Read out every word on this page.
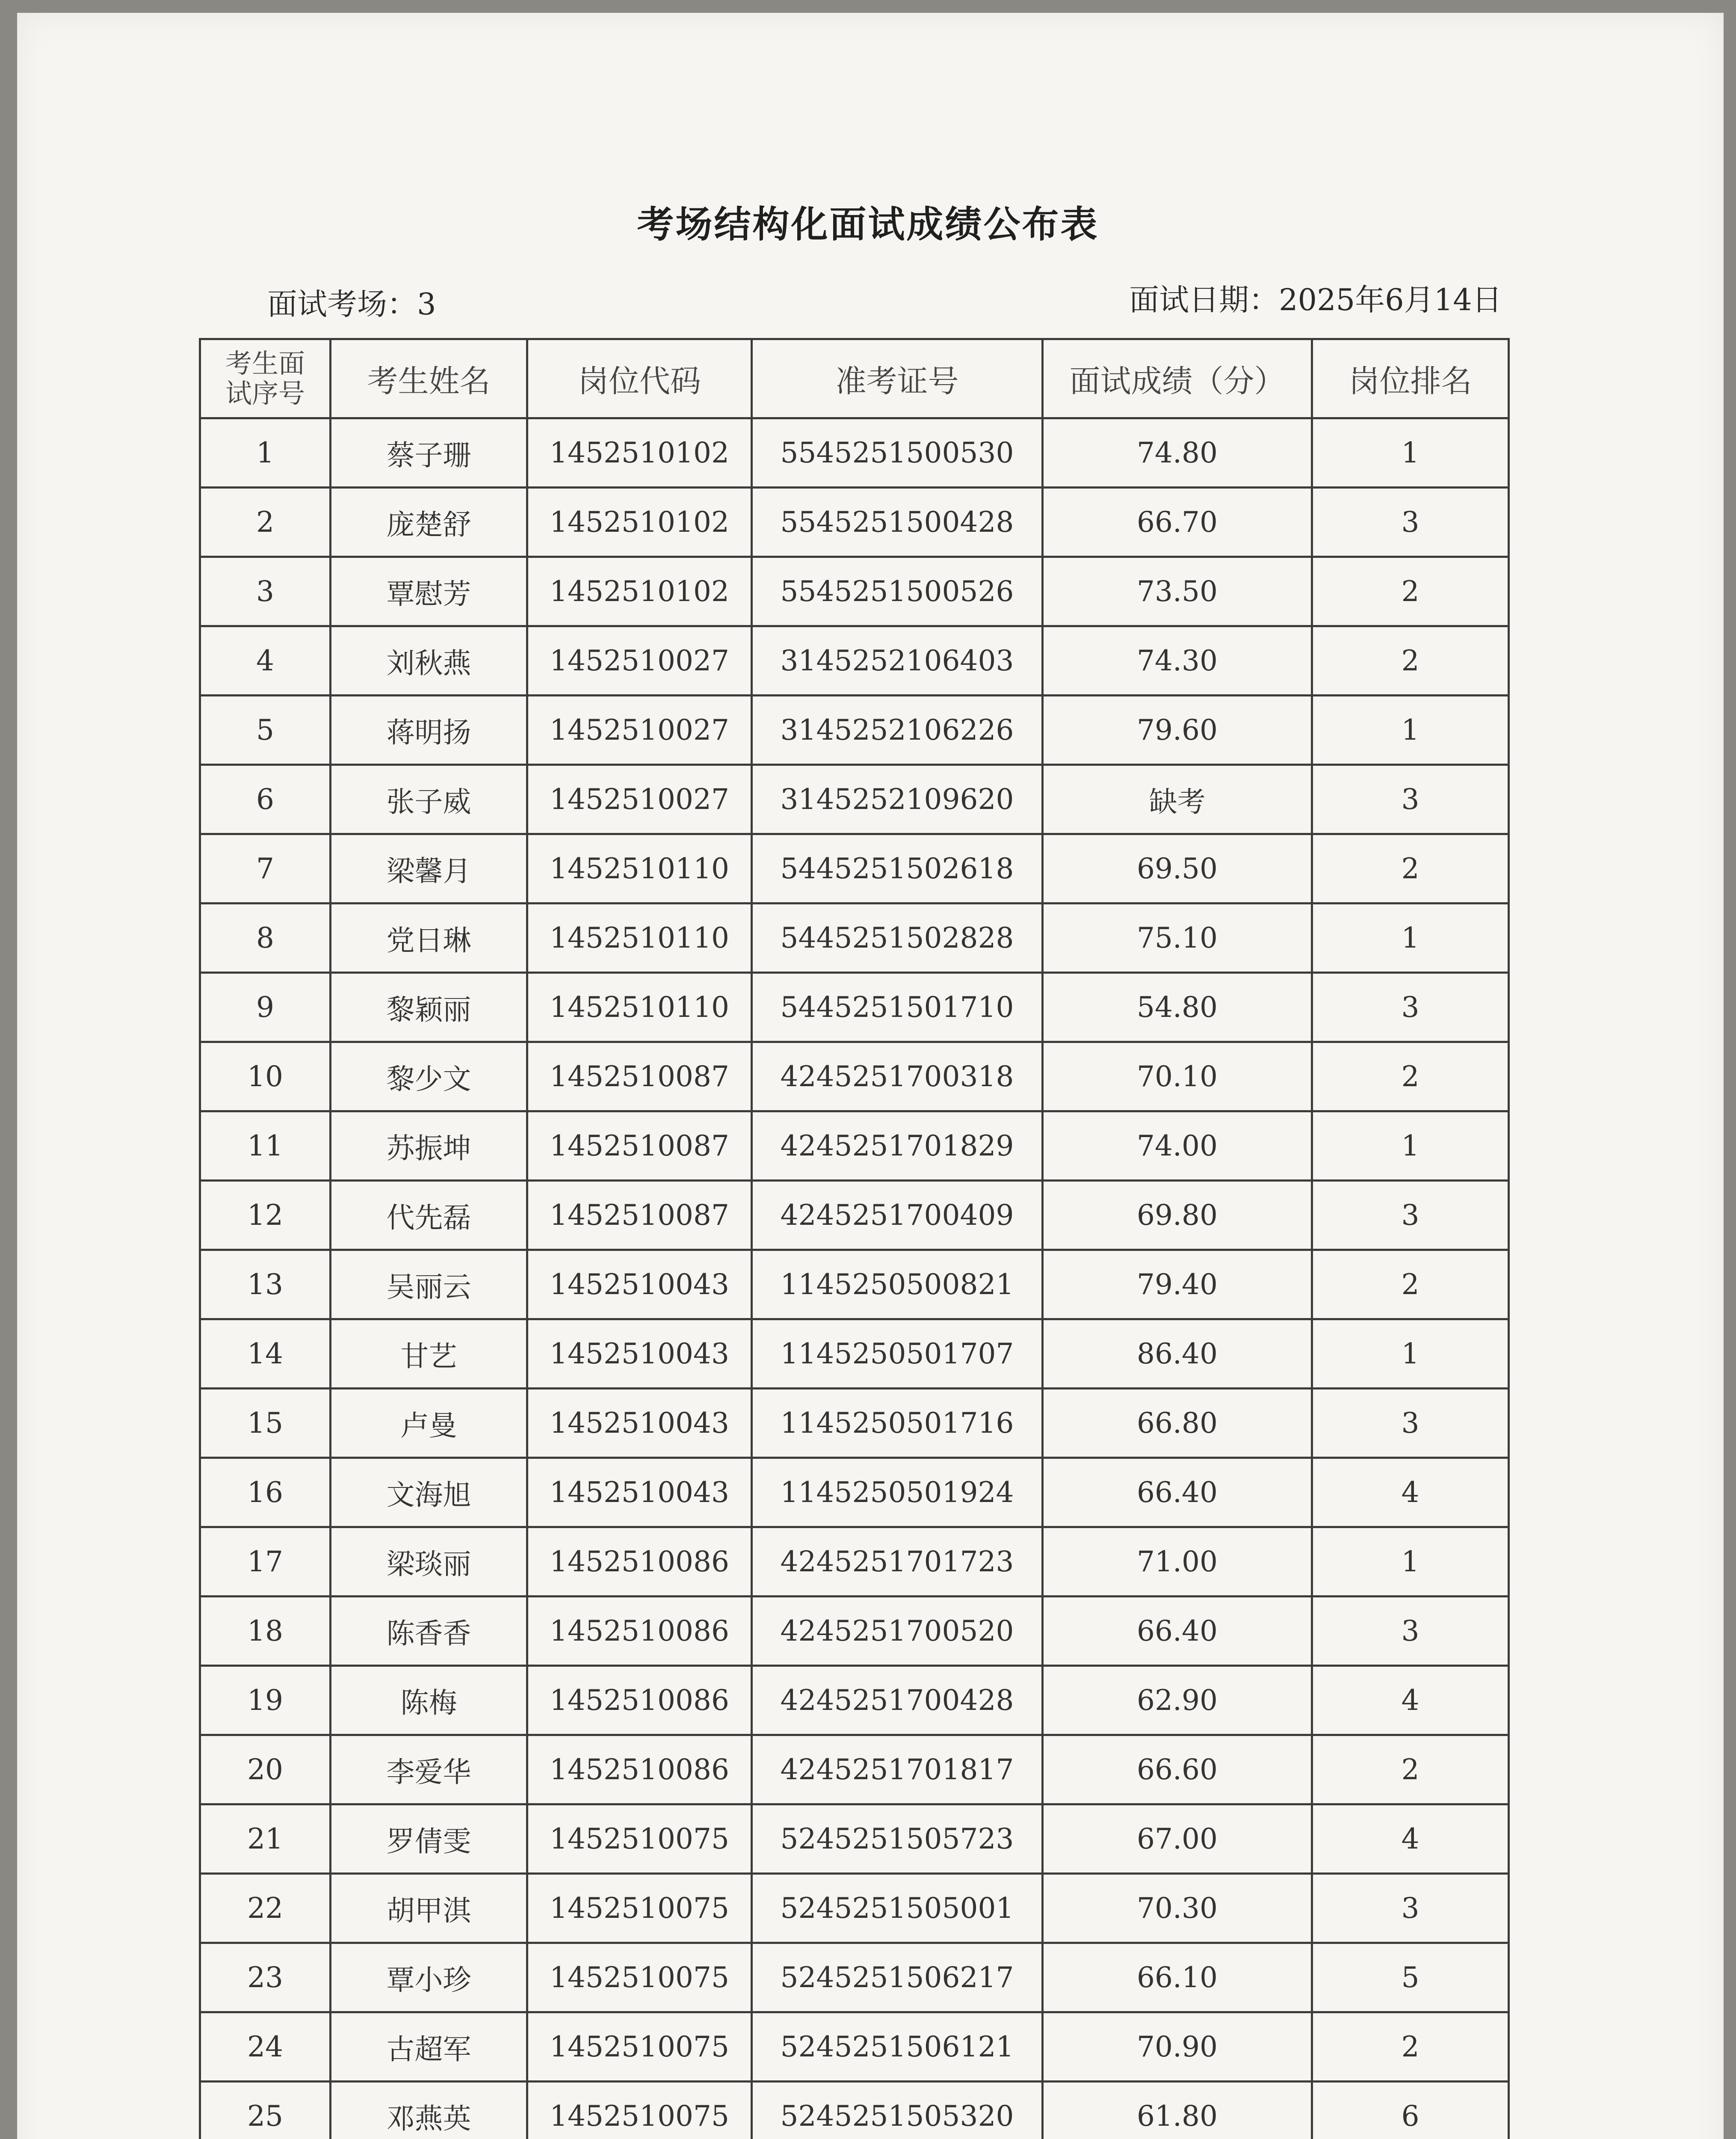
考场结构化面试成绩公布表
面试考场：3	面试日期：2025年6月14日
考生面
试序号	考生姓名	岗位代码	准考证号	面试成绩（分）	岗位排名
1	蔡子珊	1452510102	5545251500530	74.80	1
2	庞楚舒	1452510102	5545251500428	66.70	3
3	覃慰芳	1452510102	5545251500526	73.50	2
4	刘秋燕	1452510027	3145252106403	74.30	2
5	蒋明扬	1452510027	3145252106226	79.60	1
6	张子威	1452510027	3145252109620	缺考	3
7	梁馨月	1452510110	5445251502618	69.50	2
8	党日琳	1452510110	5445251502828	75.10	1
9	黎颖丽	1452510110	5445251501710	54.80	3
10	黎少文	1452510087	4245251700318	70.10	2
11	苏振坤	1452510087	4245251701829	74.00	1
12	代先磊	1452510087	4245251700409	69.80	3
13	吴丽云	1452510043	1145250500821	79.40	2
14	甘艺	1452510043	1145250501707	86.40	1
15	卢曼	1452510043	1145250501716	66.80	3
16	文海旭	1452510043	1145250501924	66.40	4
17	梁琰丽	1452510086	4245251701723	71.00	1
18	陈香香	1452510086	4245251700520	66.40	3
19	陈梅	1452510086	4245251700428	62.90	4
20	李爱华	1452510086	4245251701817	66.60	2
21	罗倩雯	1452510075	5245251505723	67.00	4
22	胡甲淇	1452510075	5245251505001	70.30	3
23	覃小珍	1452510075	5245251506217	66.10	5
24	古超军	1452510075	5245251506121	70.90	2
25	邓燕英	1452510075	5245251505320	61.80	6
